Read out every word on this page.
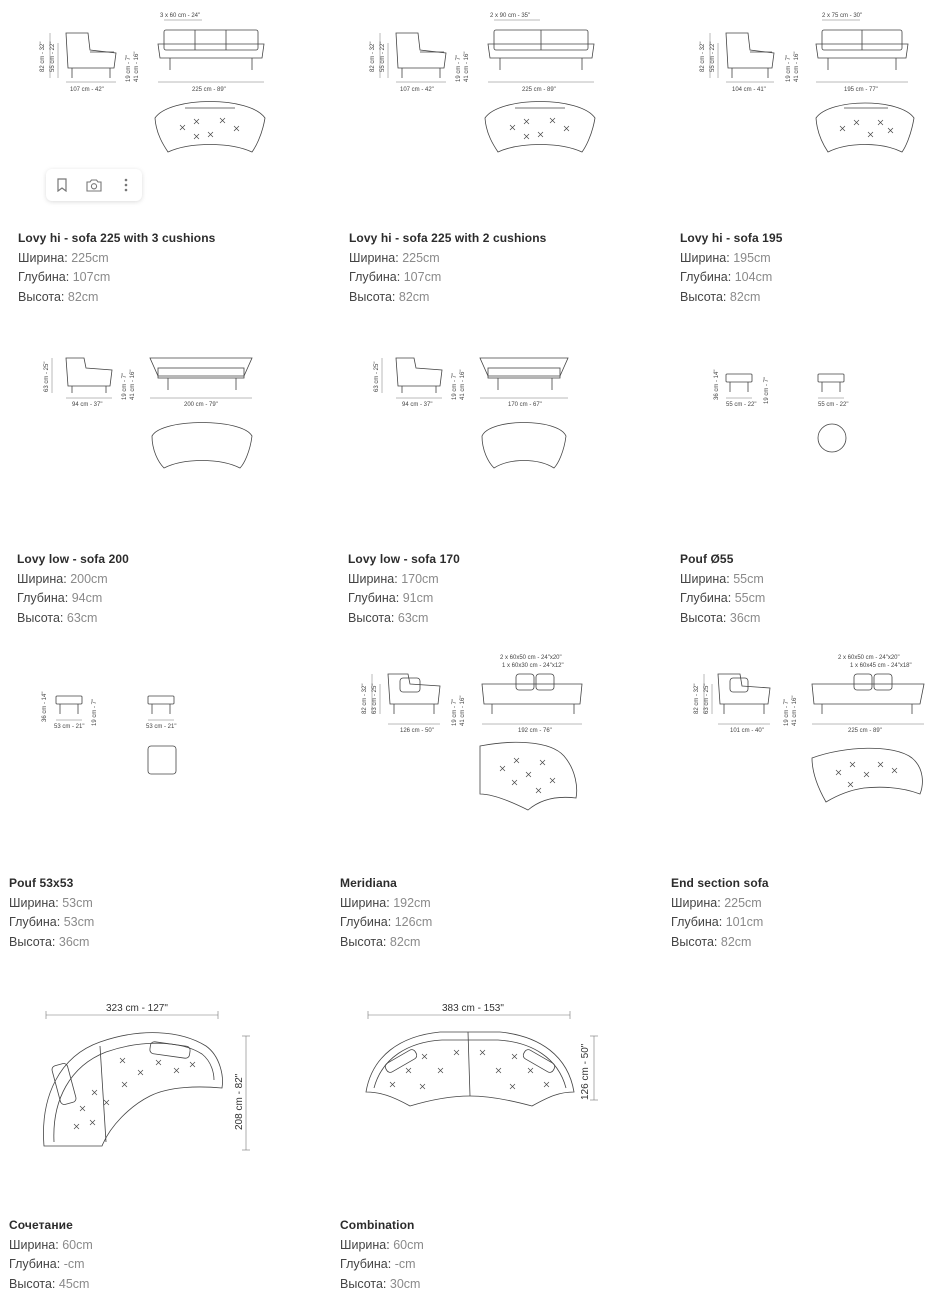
3 x 60 cm - 24"
107 cm - 42"	225 cm - 89"
82 cm - 32" 55 cm - 22"	19 cm - 7" 41 cm - 16"
Lovy hi - sofa 225 with 3 cushions
Ширина: 225cm
Глубина: 107cm
Высота: 82cm
2 x 90 cm - 35"
107 cm - 42"	225 cm - 89"
82 cm - 32" 55 cm - 22"	19 cm - 7" 41 cm - 16"
Lovy hi - sofa 225 with 2 cushions
Ширина: 225cm
Глубина: 107cm
Высота: 82cm
2 x 75 cm - 30"
104 cm - 41"	195 cm - 77"
82 cm - 32" 55 cm - 22"	19 cm - 7" 41 cm - 16"
Lovy hi - sofa 195
Ширина: 195cm
Глубина: 104cm
Высота: 82cm
94 cm - 37"	200 cm - 79"
63 cm - 25"	19 cm - 7" 41 cm - 16"
Lovy low - sofa 200
Ширина: 200cm
Глубина: 94cm
Высота: 63cm
94 cm - 37"	170 cm - 67"
63 cm - 25"	19 cm - 7" 41 cm - 16"
Lovy low - sofa 170
Ширина: 170cm
Глубина: 91cm
Высота: 63cm
55 cm - 22"	55 cm - 22"
36 cm - 14"	19 cm - 7"
Pouf Ø55
Ширина: 55cm
Глубина: 55cm
Высота: 36cm
53 cm - 21"	53 cm - 21"
36 cm - 14"	19 cm - 7"
Pouf 53x53
Ширина: 53cm
Глубина: 53cm
Высота: 36cm
2 x 60x50 cm - 24"x20"
1 x 60x30 cm - 24"x12"
126 cm - 50"	192 cm - 76"
82 cm - 32" 63 cm - 25"	19 cm - 7" 41 cm - 16"
Meridiana
Ширина: 192cm
Глубина: 126cm
Высота: 82cm
2 x 60x50 cm - 24"x20"
1 x 60x45 cm - 24"x18"
101 cm - 40"	225 cm - 89"
82 cm - 32" 63 cm - 25"	19 cm - 7" 41 cm - 16"
End section sofa
Ширина: 225cm
Глубина: 101cm
Высота: 82cm
323 cm - 127"
208 cm - 82"
Сочетание
Ширина: 60cm
Глубина: -cm
Высота: 45cm
383 cm - 153"
126 cm - 50"
Combination
Ширина: 60cm
Глубина: -cm
Высота: 30cm
